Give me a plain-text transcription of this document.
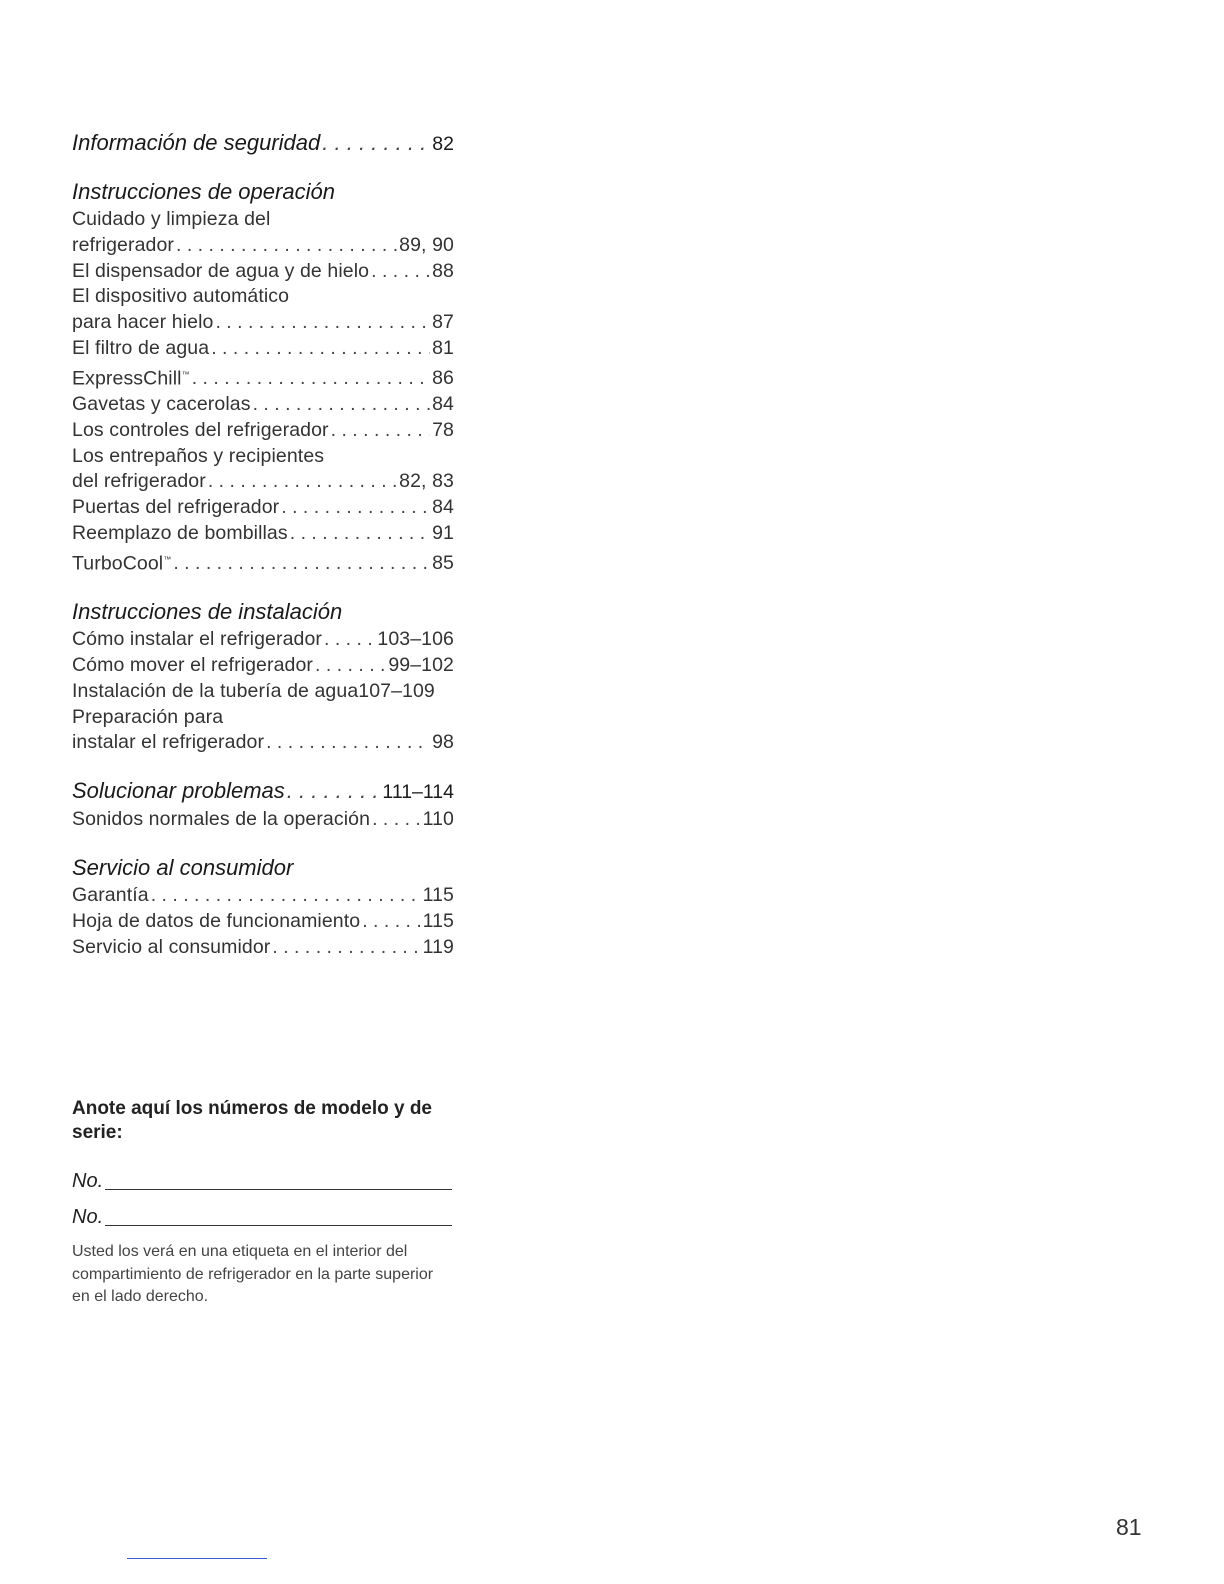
Información de seguridad . . .	82
Instrucciones de operación
Cuidado y limpieza del
refrigerador . . .	89, 90
El dispensador de agua y de hielo . . .	88
El dispositivo automático
para hacer hielo . . .	87
El filtro de agua . . .	81
ExpressChill™ . . .	86
Gavetas y cacerolas . . .	84
Los controles del refrigerador . . .	78
Los entrepaños y recipientes
del refrigerador . . .	82, 83
Puertas del refrigerador . . .	84
Reemplazo de bombillas . . .	91
TurboCool™ . . .	85
Instrucciones de instalación
Cómo instalar el refrigerador . . .	103–106
Cómo mover el refrigerador . . .	99–102
Instalación de la tubería de agua 107–109
Preparación para
instalar el refrigerador . . .	98
Solucionar problemas . . .	111–114
Sonidos normales de la operación . . .	110
Servicio al consumidor
Garantía . . .	115
Hoja de datos de funcionamiento . . .	115
Servicio al consumidor . . .	119
Anote aquí los números de modelo y de serie:
No.
No.
Usted los verá en una etiqueta en el interior del compartimiento de refrigerador en la parte superior en el lado derecho.
81
